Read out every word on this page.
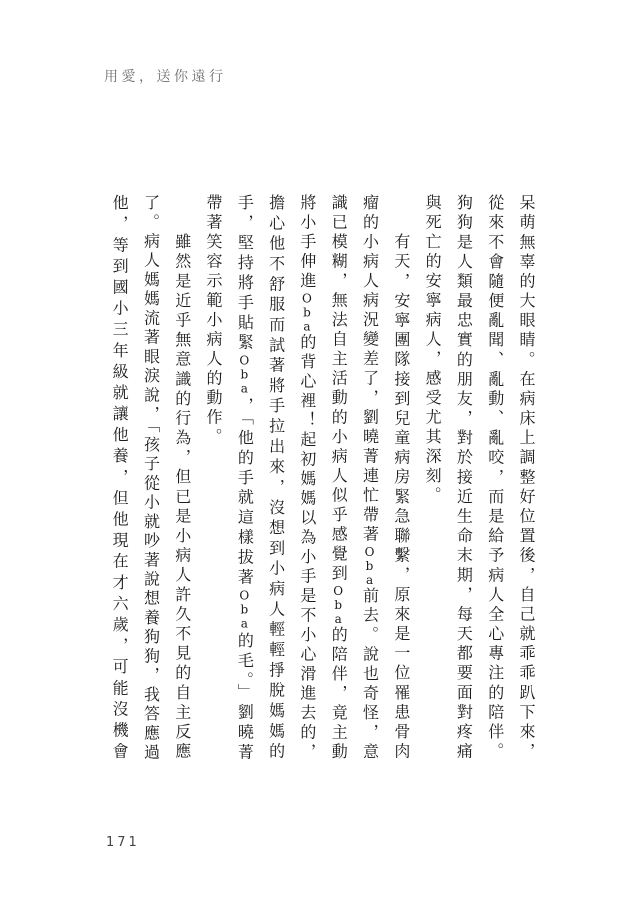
用愛，送你遠行
呆萌無辜的大眼睛。在病床上調整好位置後，自己就乖乖趴下來，
從來不會隨便亂聞、亂動、亂咬，而是給予病人全心專注的陪伴。
狗狗是人類最忠實的朋友，對於接近生命末期，每天都要面對疼痛
與死亡的安寧病人，感受尤其深刻。
有天，安寧團隊接到兒童病房緊急聯繫，原來是一位罹患骨肉
瘤的小病人病況變差了，劉曉菁連忙帶著Oba前去。說也奇怪，意
識已模糊，無法自主活動的小病人似乎感覺到Oba的陪伴，竟主動
將小手伸進Oba的背心裡！起初媽媽以為小手是不小心滑進去的，
擔心他不舒服而試著將手拉出來，沒想到小病人輕輕掙脫媽媽的
手，堅持將手貼緊Oba，「他的手就這樣拔著Oba的毛。」劉曉菁
帶著笑容示範小病人的動作。
雖然是近乎無意識的行為，但已是小病人許久不見的自主反應
了。病人媽媽流著眼淚說，「孩子從小就吵著說想養狗狗，我答應過
他，等到國小三年級就讓他養，但他現在才六歲，可能沒機會
171
